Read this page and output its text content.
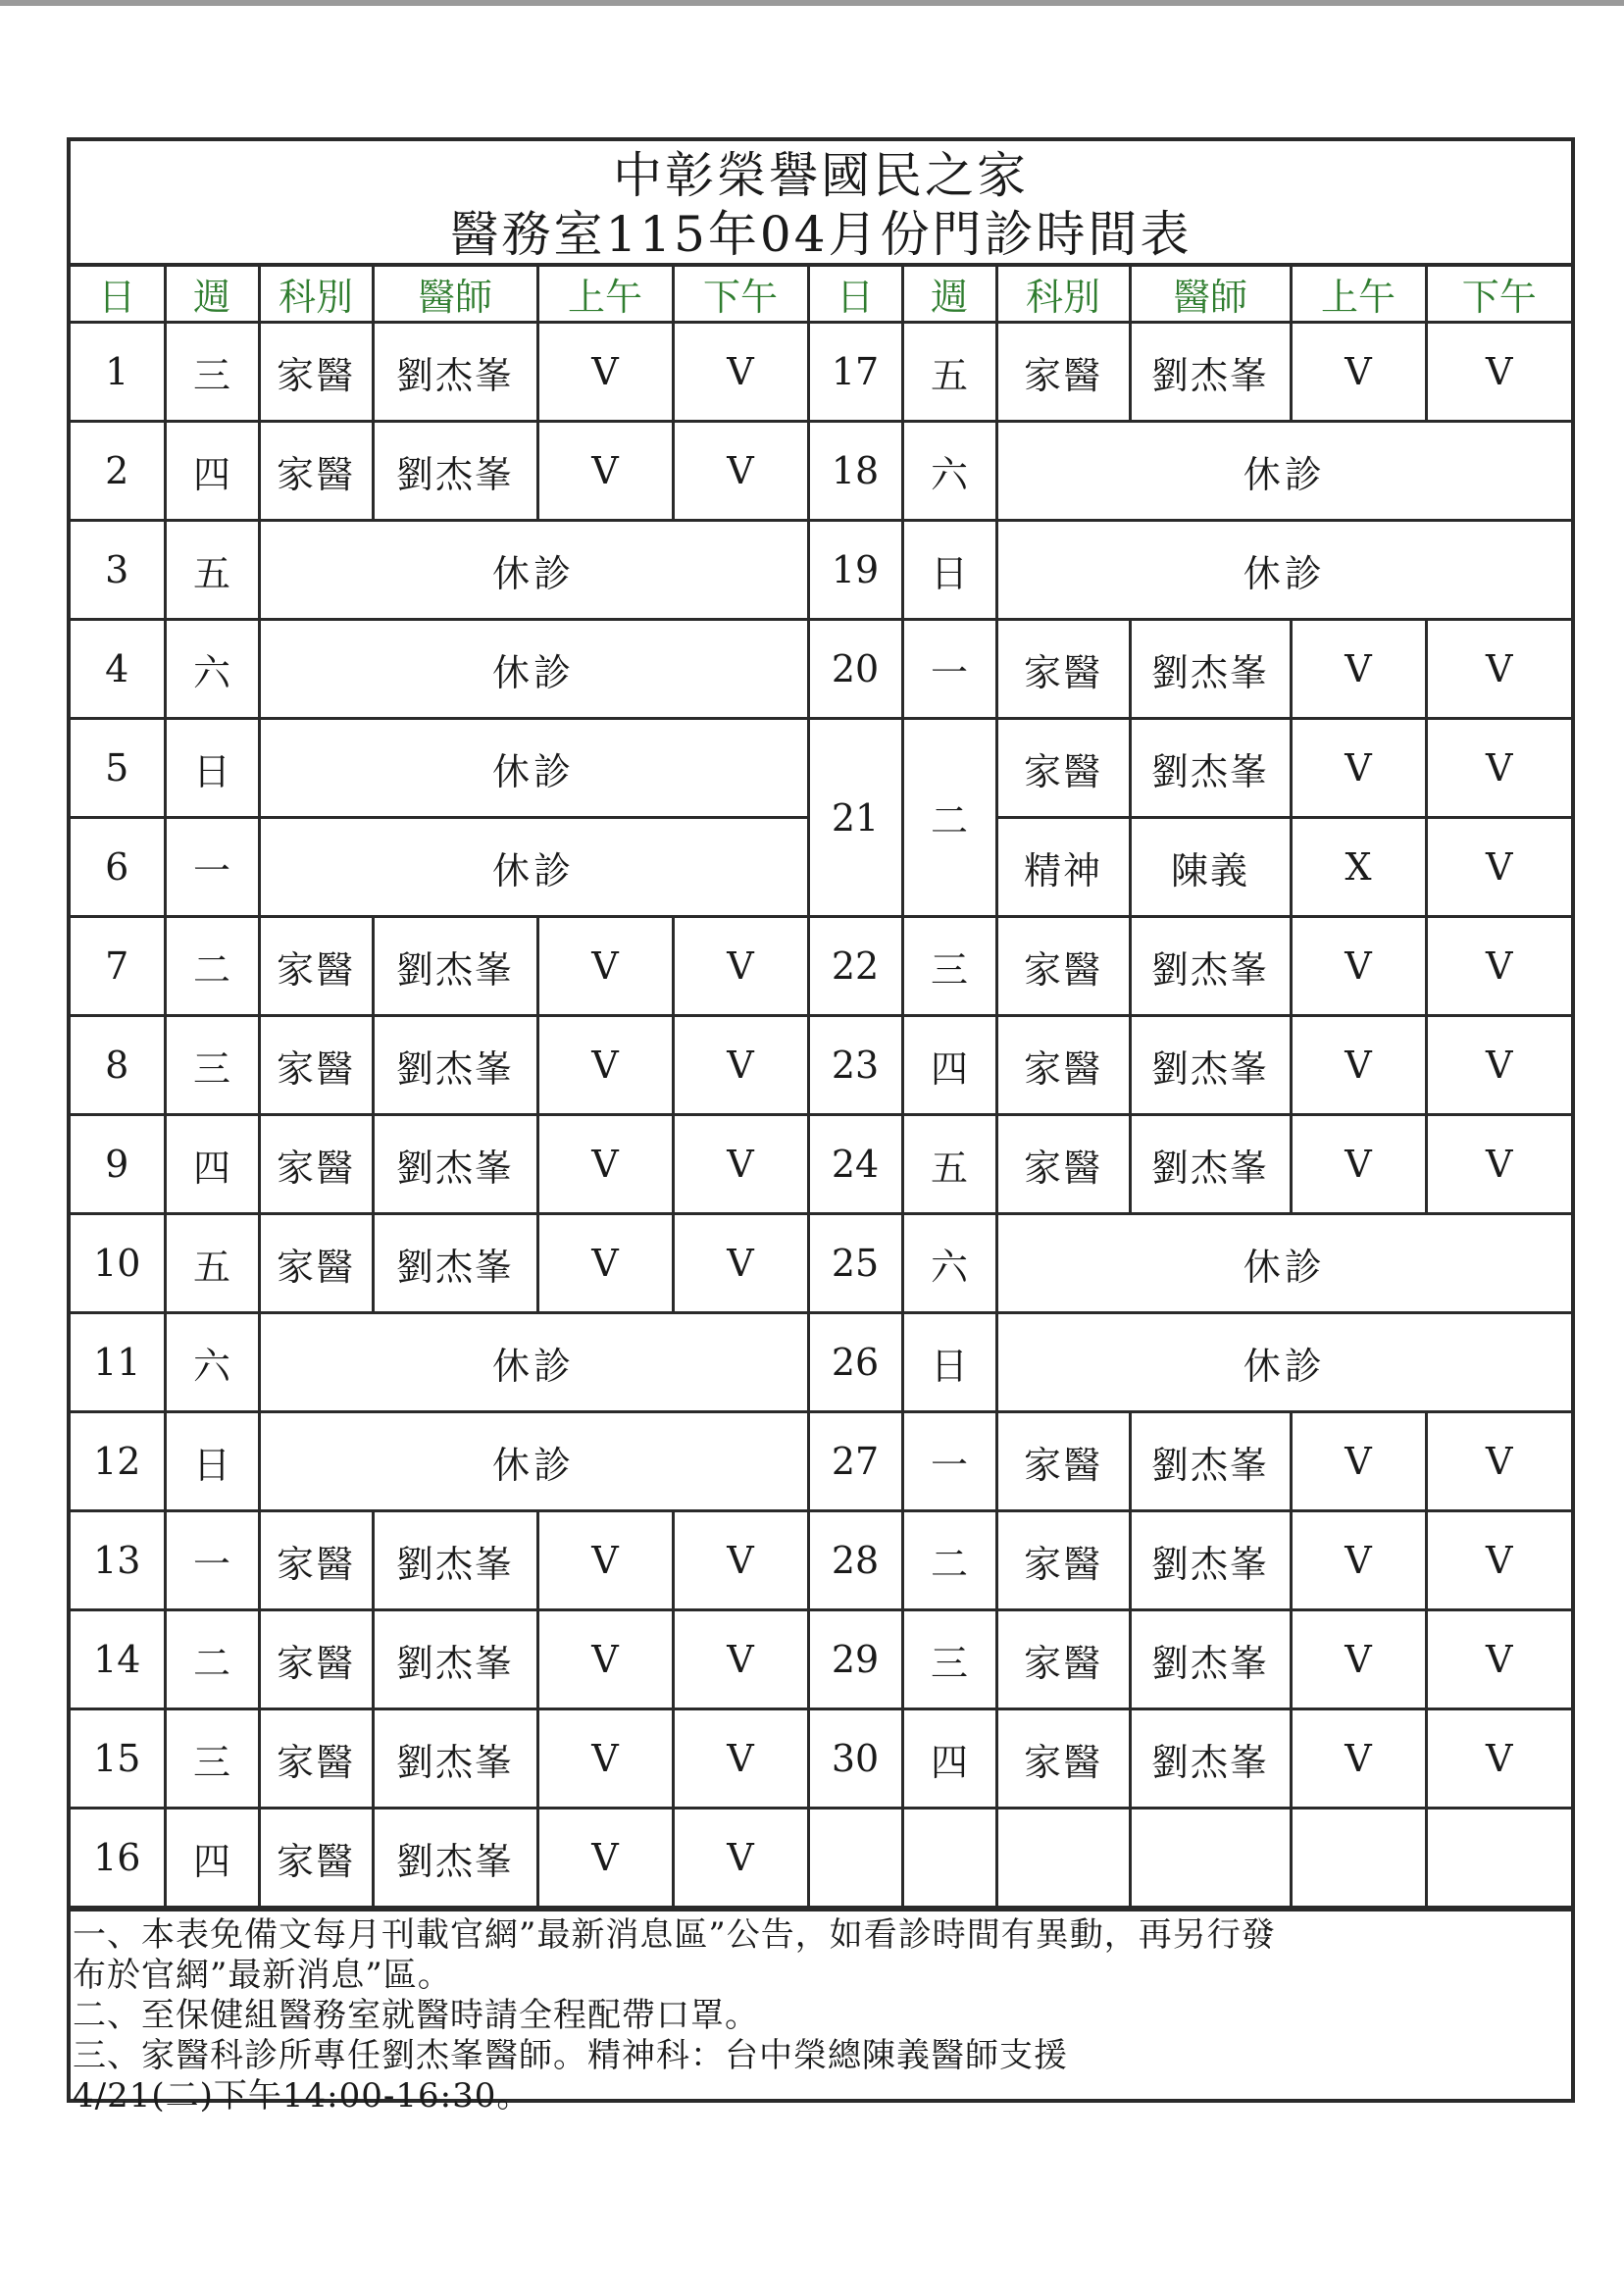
中彰榮譽國民之家
醫務室115年04月份門診時間表
日	週	科別	醫師	上午	下午	日	週	科別	醫師	上午	下午
1	三	家醫	劉杰峯	V	V	17	五	家醫	劉杰峯	V	V
2	四	家醫	劉杰峯	V	V	18	六	休診			
3	五	休診				19	日	休診			
4	六	休診				20	一	家醫	劉杰峯	V	V
5	日	休診				21	二	家醫	劉杰峯	V	V
6	一	休診						精神	陳義	X	V
7	二	家醫	劉杰峯	V	V	22	三	家醫	劉杰峯	V	V
8	三	家醫	劉杰峯	V	V	23	四	家醫	劉杰峯	V	V
9	四	家醫	劉杰峯	V	V	24	五	家醫	劉杰峯	V	V
10	五	家醫	劉杰峯	V	V	25	六	休診			
11	六	休診				26	日	休診			
12	日	休診				27	一	家醫	劉杰峯	V	V
13	一	家醫	劉杰峯	V	V	28	二	家醫	劉杰峯	V	V
14	二	家醫	劉杰峯	V	V	29	三	家醫	劉杰峯	V	V
15	三	家醫	劉杰峯	V	V	30	四	家醫	劉杰峯	V	V
16	四	家醫	劉杰峯	V	V						
一、本表免備文每月刊載官網”最新消息區”公告，如看診時間有異動，再另行發
布於官網”最新消息”區。
二、至保健組醫務室就醫時請全程配帶口罩。
三、家醫科診所專任劉杰峯醫師。精神科：台中榮總陳義醫師支援
4/21(二)下午14:00-16:30。
